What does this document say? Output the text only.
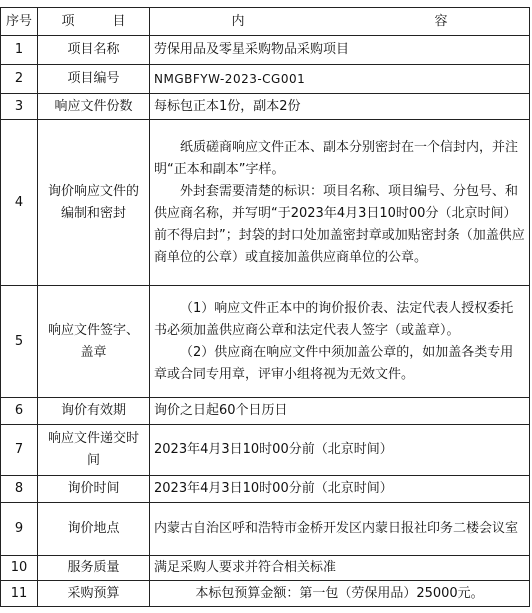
序号	项 目	内 容

1	项目名称	劳保用品及零星采购物品采购项目
2	项目编号	NMGBFYW-2023-CG001
3	响应文件份数	每标包正本1份，副本2份
4	询价响应文件的编制和密封	纸质磋商响应文件正本、副本分别密封在一个信封内，并注明“正本和副本”字样。

外封套需要清楚的标识：项目名称、项目编号、分包号、和供应商名称，并写明“于2023年4月3日10时00分（北京时间）前不得启封”；封袋的封口处加盖密封章或加贴密封条（加盖供应商单位的公章）或直接加盖供应商单位的公章。

5	响应文件签字、盖章	（1）响应文件正本中的询价报价表、法定代表人授权委托书必须加盖供应商公章和法定代表人签字（或盖章）。

（2）供应商在响应文件中须加盖公章的，如加盖各类专用章或合同专用章，评审小组将视为无效文件。

6	询价有效期	询价之日起60个日历日
7	响应文件递交时间	2023年4月3日10时00分前（北京时间）
8	询价时间	2023年4月3日10时00分前（北京时间）
9	询价地点	内蒙古自治区呼和浩特市金桥开发区内蒙日报社印务二楼会议室
10	服务质量	满足采购人要求并符合相关标准
11	采购预算	本标包预算金额：第一包（劳保用品）25000元。
